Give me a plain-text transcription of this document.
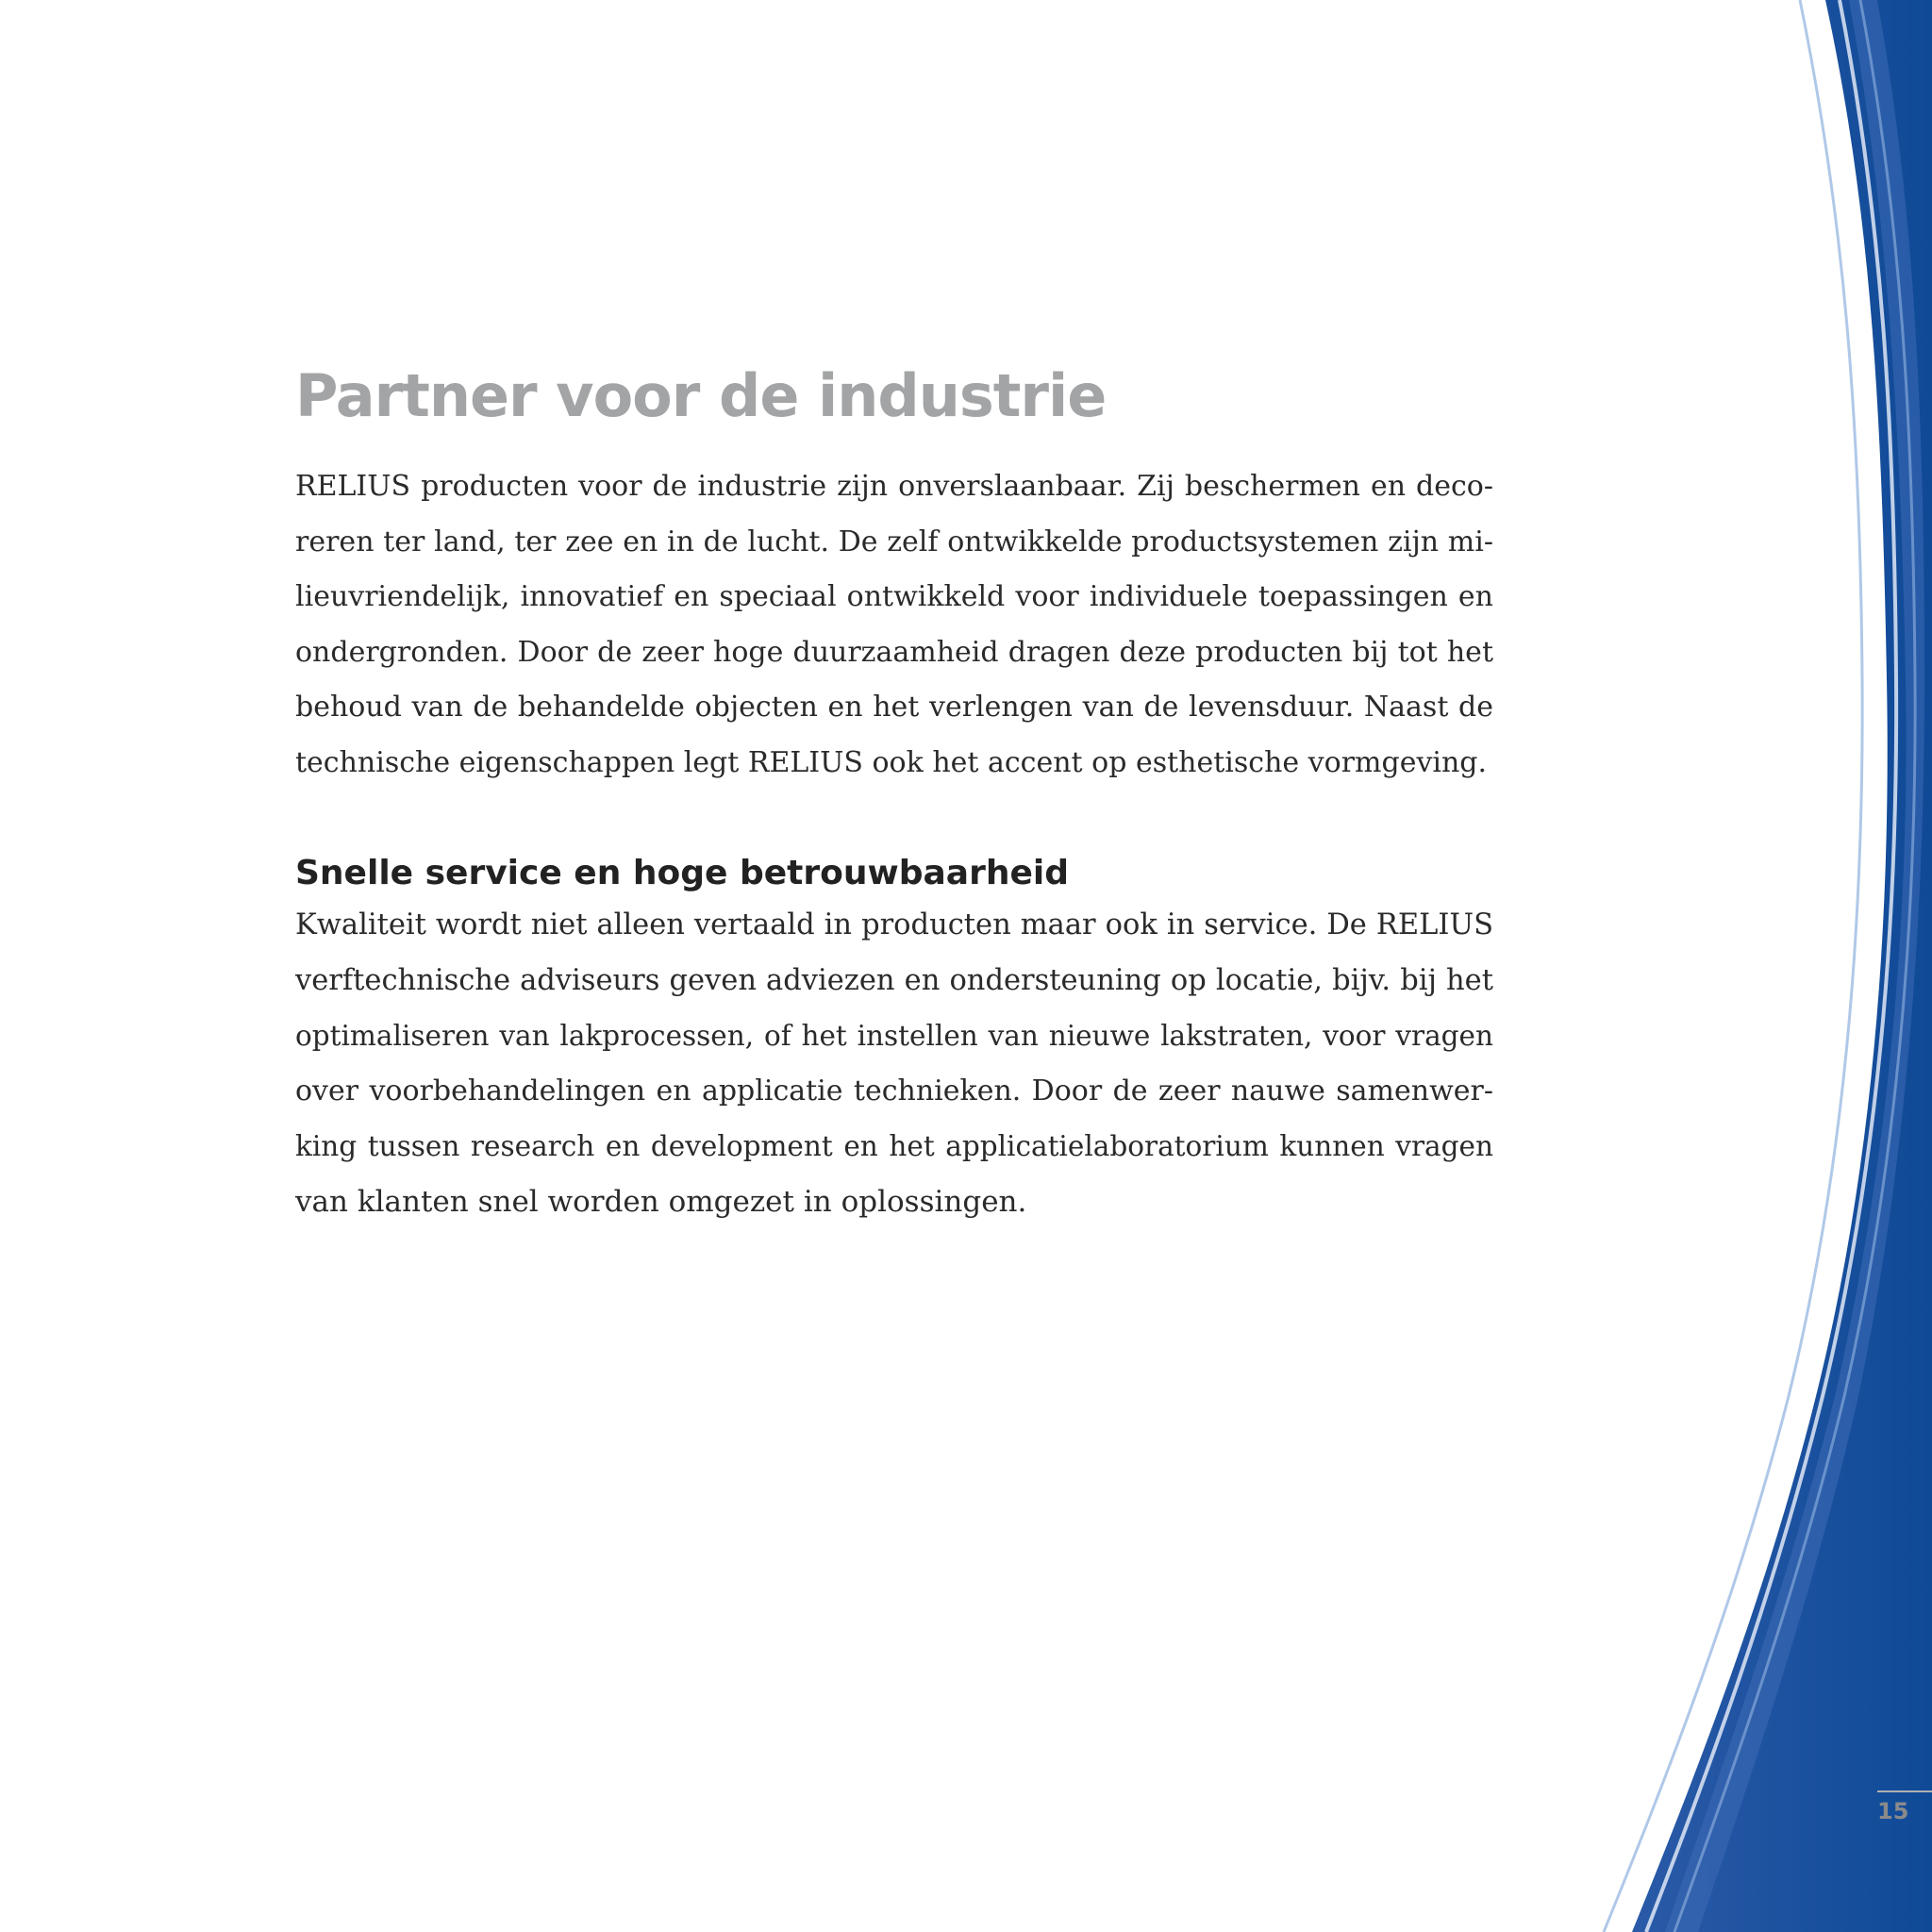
Partner voor de industrie

RELIUS producten voor de industrie zijn onverslaanbaar. Zij beschermen en deco-
reren ter land, ter zee en in de lucht. De zelf ontwikkelde productsystemen zijn mi-
lieuvriendelijk, innovatief en speciaal ontwikkeld voor individuele toepassingen en
ondergronden. Door de zeer hoge duurzaamheid dragen deze producten bij tot het
behoud van de behandelde objecten en het verlengen van de levensduur. Naast de
technische eigenschappen legt RELIUS ook het accent op esthetische vormgeving.

Snelle service en hoge betrouwbaarheid

Kwaliteit wordt niet alleen vertaald in producten maar ook in service. De RELIUS
verftechnische adviseurs geven adviezen en ondersteuning op locatie, bijv. bij het
optimaliseren van lakprocessen, of het instellen van nieuwe lakstraten, voor vragen
over voorbehandelingen en applicatie technieken. Door de zeer nauwe samenwer-
king tussen research en development en het applicatielaboratorium kunnen vragen
van klanten snel worden omgezet in oplossingen.

15
